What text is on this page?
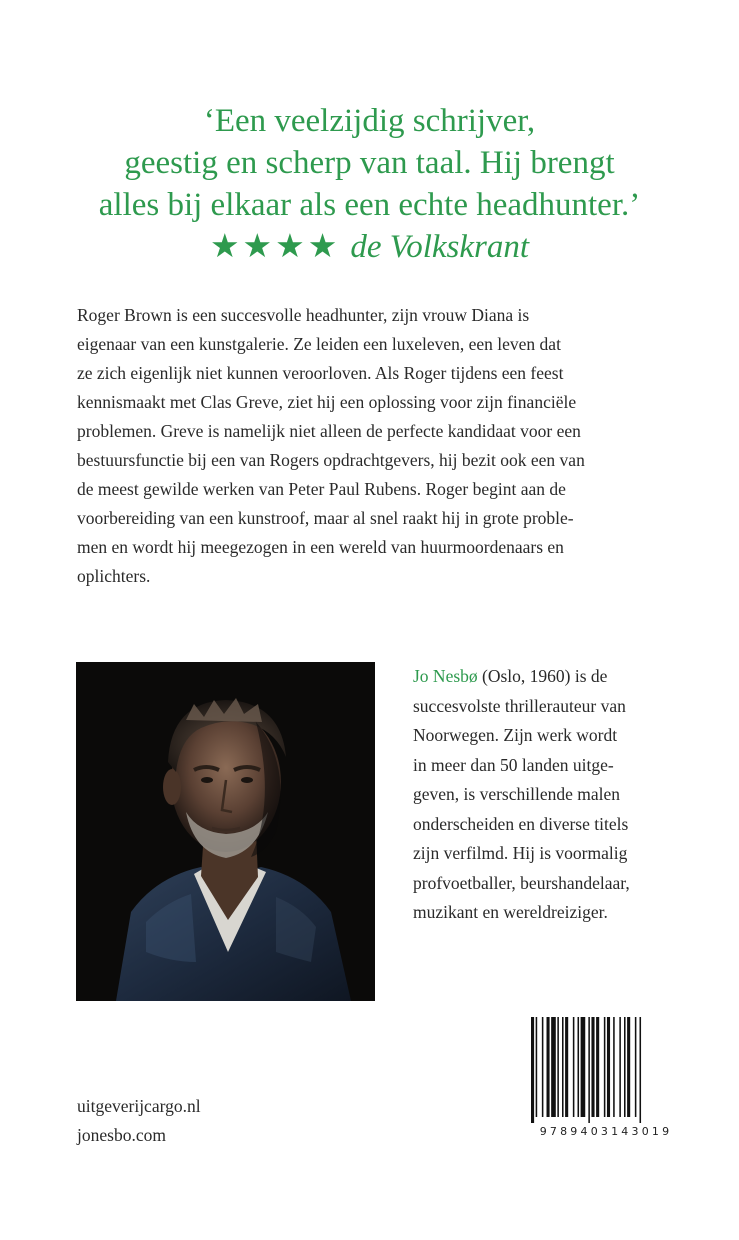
‘Een veelzijdig schrijver,
geestig en scherp van taal. Hij brengt
alles bij elkaar als een echte headhunter.’
★★★★ de Volkskrant
Roger Brown is een succesvolle headhunter, zijn vrouw Diana is
eigenaar van een kunstgalerie. Ze leiden een luxeleven, een leven dat
ze zich eigenlijk niet kunnen veroorloven. Als Roger tijdens een feest
kennismaakt met Clas Greve, ziet hij een oplossing voor zijn financiële
problemen. Greve is namelijk niet alleen de perfecte kandidaat voor een
bestuursfunctie bij een van Rogers opdrachtgevers, hij bezit ook een van
de meest gewilde werken van Peter Paul Rubens. Roger begint aan de
voorbereiding van een kunstroof, maar al snel raakt hij in grote proble-
men en wordt hij meegezogen in een wereld van huurmoordenaars en
oplichters.
Jo Nesbø (Oslo, 1960) is de
succesvolste thrillerauteur van
Noorwegen. Zijn werk wordt
in meer dan 50 landen uitge-
geven, is verschillende malen
onderscheiden en diverse titels
zijn verfilmd. Hij is voormalig
profvoetballer, beurshandelaar,
muzikant en wereldreiziger.
uitgeverijcargo.nl
jonesbo.com	9789403143019
